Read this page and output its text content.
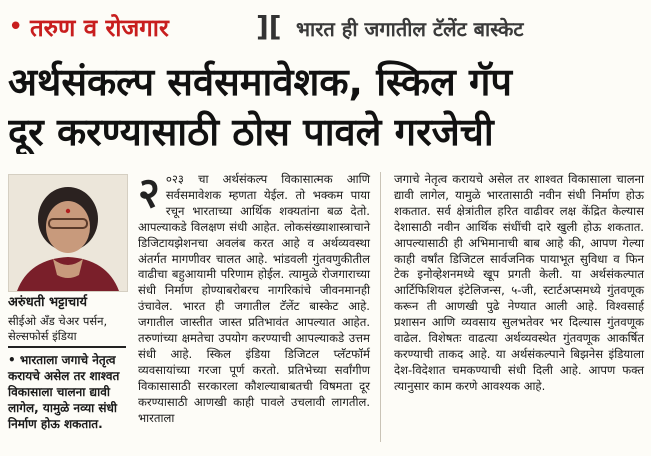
• तरुण व रोजगार	][ भारत ही जगातील टॅलेंट बास्केट
अर्थसंकल्प सर्वसमावेशक, स्किल गॅप
दूर करण्यासाठी ठोस पावले गरजेची
अरुंधती भट्टाचार्य
सीईओ अँड चेअर पर्सन, सेल्सफोर्स इंडिया
• भारताला जगाचे नेतृत्व करायचे असेल तर शाश्वत विकासाला चालना द्यावी लागेल, यामुळे नव्या संधी निर्माण होऊ शकतात.
२ ०२३ चा अर्थसंकल्प विकासात्मक आणि सर्वसमावेशक म्हणता येईल. तो भक्कम पाया रचून भारताच्या आर्थिक शक्यतांना बळ देतो. आपल्याकडे विलक्षण संधी आहेत. लोकसंख्याशास्त्राचाने डिजिटायझेशनचा अवलंब करत आहे व अर्थव्यवस्था अंतर्गत मागणीवर चालत आहे. भांडवली गुंतवणुकीतील वाढीचा बहुआयामी परिणाम होईल. त्यामुळे रोजगाराच्या संधी निर्माण होण्याबरोबरच नागरिकांचे जीवनमानही उंचावेल. भारत ही जगातील टॅलेंट बास्केट आहे. जगातील जास्तीत जास्त प्रतिभावंत आपल्यात आहेत. तरुणांच्या क्षमतेचा उपयोग करण्याची आपल्याकडे उत्तम संधी आहे. स्किल इंडिया डिजिटल प्लॅटफॉर्म व्यवसायांच्या गरजा पूर्ण करतो. प्रतिभेच्या सर्वांगीण विकासासाठी सरकारला कौशल्याबाबतची विषमता दूर करण्यासाठी आणखी काही पावले उचलावी लागतील. भारताला

जगाचे नेतृत्व करायचे असेल तर शाश्वत विकासाला चालना द्यावी लागेल, यामुळे भारतासाठी नवीन संधी निर्माण होऊ शकतात. सर्व क्षेत्रांतील हरित वाढीवर लक्ष केंद्रित केल्यास देशासाठी नवीन आर्थिक संधींची दारे खुली होऊ शकतात. आपल्यासाठी ही अभिमानाची बाब आहे की, आपण गेल्या काही वर्षांत डिजिटल सार्वजनिक पायाभूत सुविधा व फिन टेक इनोव्हेशनमध्ये खूप प्रगती केली. या अर्थसंकल्पात आर्टिफिशियल इंटेलिजन्स, ५-जी, स्टार्टअप्समध्ये गुंतवणूक करून ती आणखी पुढे नेण्यात आली आहे. विश्वसार्ह प्रशासन आणि व्यवसाय सुलभतेवर भर दिल्यास गुंतवणूक वाढेल. विशेषतः वाढत्या अर्थव्यवस्थेत गुंतवणूक आकर्षित करण्याची ताकद आहे. या अर्थसंकल्पाने बिझनेस इंडियाला देश-विदेशात चमकण्याची संधी दिली आहे. आपण फक्त त्यानुसार काम करणे आवश्यक आहे.
